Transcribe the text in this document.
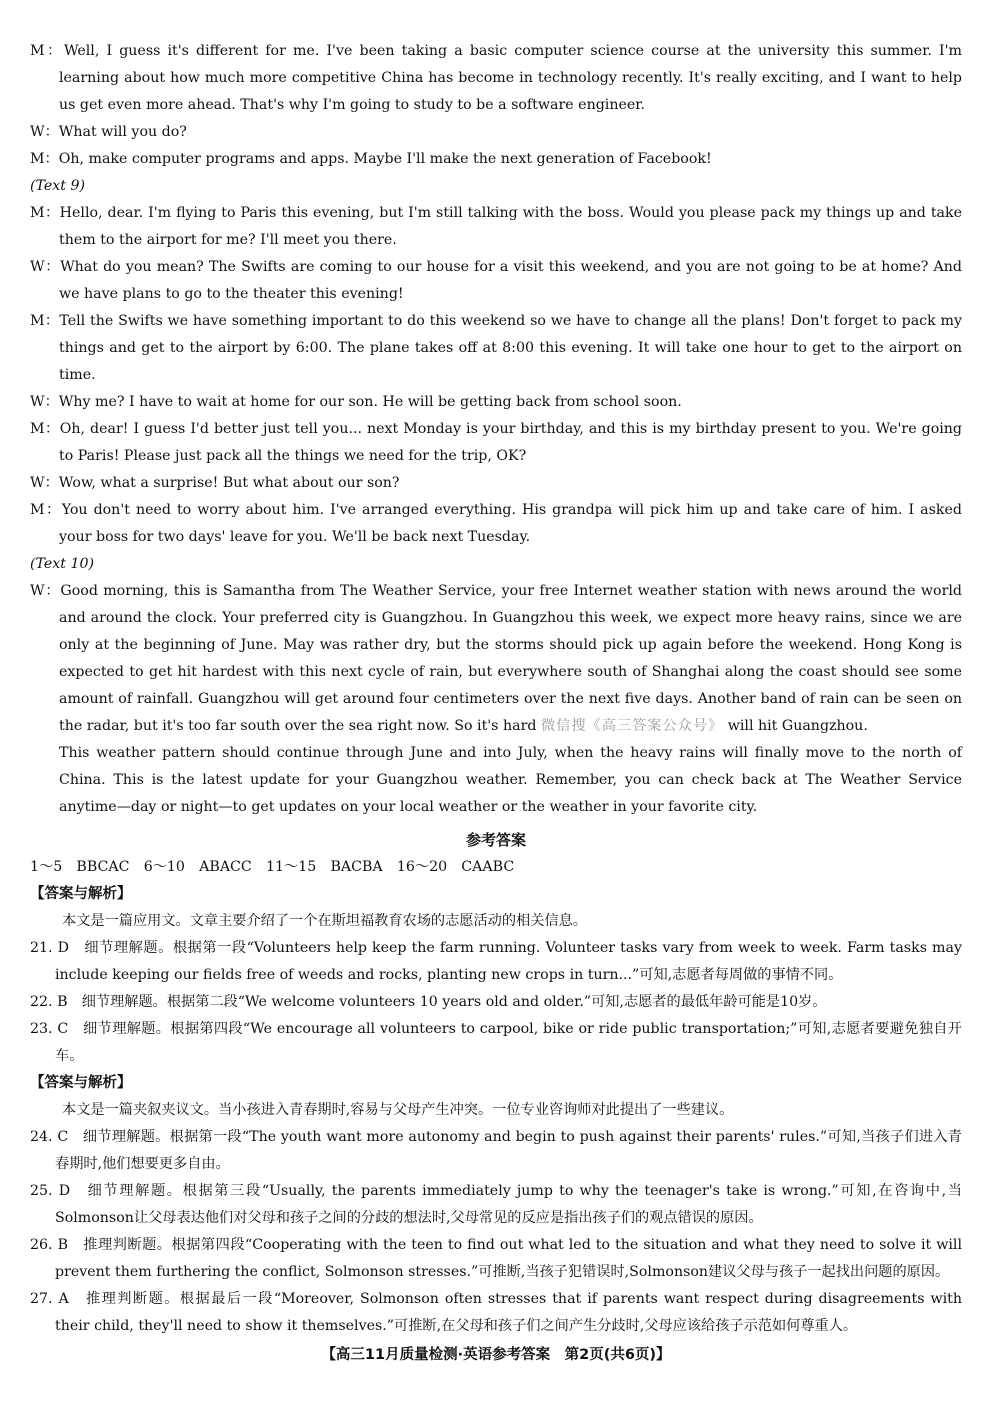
M：Well, I guess it's different for me. I've been taking a basic computer science course at the university this summer. I'm learning about how much more competitive China has become in technology recently. It's really exciting, and I want to help us get even more ahead. That's why I'm going to study to be a software engineer.
W：What will you do?
M：Oh, make computer programs and apps. Maybe I'll make the next generation of Facebook!
(Text 9)
M：Hello, dear. I'm flying to Paris this evening, but I'm still talking with the boss. Would you please pack my things up and take them to the airport for me? I'll meet you there.
W：What do you mean? The Swifts are coming to our house for a visit this weekend, and you are not going to be at home? And we have plans to go to the theater this evening!
M：Tell the Swifts we have something important to do this weekend so we have to change all the plans! Don't forget to pack my things and get to the airport by 6:00. The plane takes off at 8:00 this evening. It will take one hour to get to the airport on time.
W：Why me? I have to wait at home for our son. He will be getting back from school soon.
M：Oh, dear! I guess I'd better just tell you... next Monday is your birthday, and this is my birthday present to you. We're going to Paris! Please just pack all the things we need for the trip, OK?
W：Wow, what a surprise! But what about our son?
M：You don't need to worry about him. I've arranged everything. His grandpa will pick him up and take care of him. I asked your boss for two days' leave for you. We'll be back next Tuesday.
(Text 10)
W：Good morning, this is Samantha from The Weather Service, your free Internet weather station with news around the world and around the clock. Your preferred city is Guangzhou. In Guangzhou this week, we expect more heavy rains, since we are only at the beginning of June. May was rather dry, but the storms should pick up again before the weekend. Hong Kong is expected to get hit hardest with this next cycle of rain, but everywhere south of Shanghai along the coast should see some amount of rainfall. Guangzhou will get around four centimeters over the next five days. Another band of rain can be seen on the radar, but it's too far south over the sea right now. So it's hard 微信搜《高三答案公众号》 will hit Guangzhou.
This weather pattern should continue through June and into July, when the heavy rains will finally move to the north of China. This is the latest update for your Guangzhou weather. Remember, you can check back at The Weather Service anytime—day or night—to get updates on your local weather or the weather in your favorite city.
参考答案
1～5　BBCAC　6～10　ABACC　11～15　BACBA　16～20　CAABC
【答案与解析】
本文是一篇应用文。文章主要介绍了一个在斯坦福教育农场的志愿活动的相关信息。
21. D　 细节理解题。根据第一段“Volunteers help keep the farm running. Volunteer tasks vary from week to week. Farm tasks may include keeping our fields free of weeds and rocks, planting new crops in turn...”可知,志愿者每周做的事情不同。
22. B　 细节理解题。根据第二段“We welcome volunteers 10 years old and older.”可知,志愿者的最低年龄可能是10岁。
23. C　 细节理解题。根据第四段“We encourage all volunteers to carpool, bike or ride public transportation;”可知,志愿者要避免独自开车。
【答案与解析】
本文是一篇夹叙夹议文。当小孩进入青春期时,容易与父母产生冲突。一位专业咨询师对此提出了一些建议。
24. C　 细节理解题。根据第一段“The youth want more autonomy and begin to push against their parents' rules.”可知,当孩子们进入青春期时,他们想要更多自由。
25. D　 细节理解题。根据第三段“Usually, the parents immediately jump to why the teenager's take is wrong.”可知,在咨询中,当Solmonson让父母表达他们对父母和孩子之间的分歧的想法时,父母常见的反应是指出孩子们的观点错误的原因。
26. B　 推理判断题。根据第四段“Cooperating with the teen to find out what led to the situation and what they need to solve it will prevent them furthering the conflict, Solmonson stresses.”可推断,当孩子犯错误时,Solmonson建议父母与孩子一起找出问题的原因。
27. A　 推理判断题。根据最后一段“Moreover, Solmonson often stresses that if parents want respect during disagreements with their child, they'll need to show it themselves.”可推断,在父母和孩子们之间产生分歧时,父母应该给孩子示范如何尊重人。
【高三11月质量检测·英语参考答案　第2页(共6页)】
